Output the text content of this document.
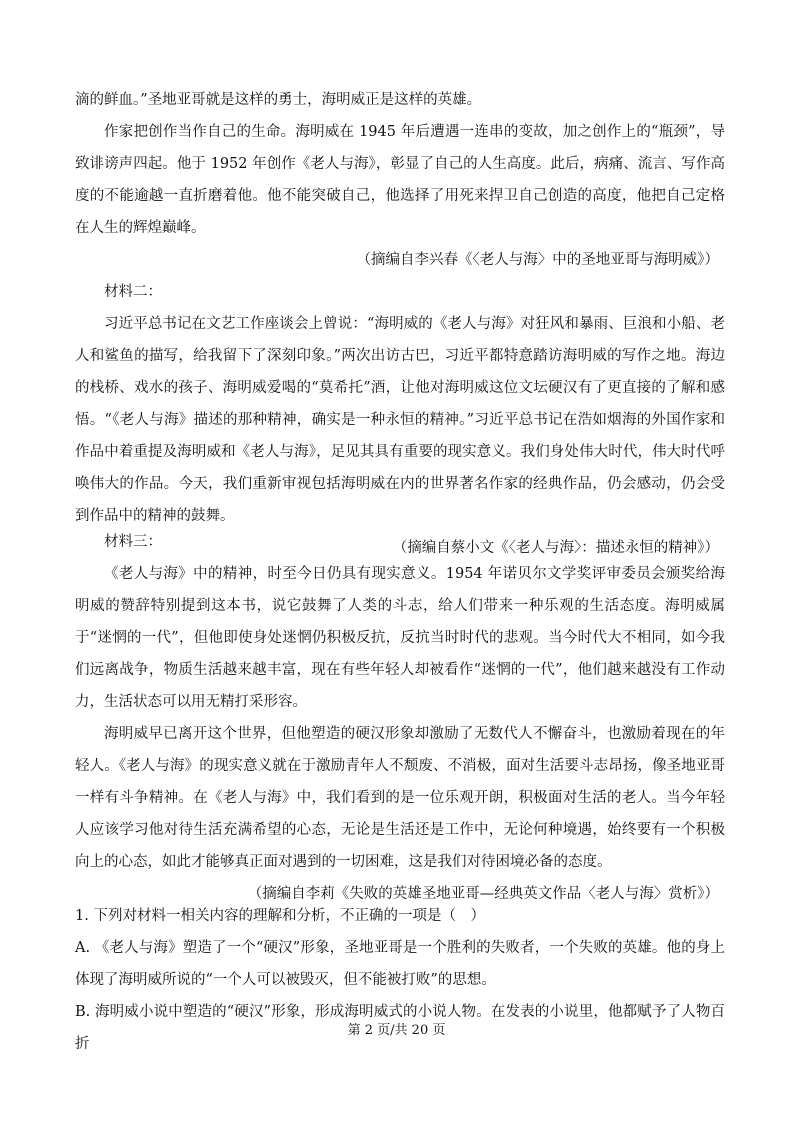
滴的鲜血。”圣地亚哥就是这样的勇士，海明威正是这样的英雄。

作家把创作当作自己的生命。海明威在 1945 年后遭遇一连串的变故，加之创作上的“瓶颈”，导致诽谤声四起。他于 1952 年创作《老人与海》，彰显了自己的人生高度。此后，病痛、流言、写作高度的不能逾越一直折磨着他。他不能突破自己，他选择了用死来捍卫自己创造的高度，他把自己定格在人生的辉煌巅峰。

（摘编自李兴春《〈老人与海〉中的圣地亚哥与海明威》）

材料二：

习近平总书记在文艺工作座谈会上曾说：“海明威的《老人与海》对狂风和暴雨、巨浪和小船、老人和鲨鱼的描写，给我留下了深刻印象。”两次出访古巴，习近平都特意踏访海明威的写作之地。海边的栈桥、戏水的孩子、海明威爱喝的“莫希托”酒，让他对海明威这位文坛硬汉有了更直接的了解和感悟。“《老人与海》描述的那种精神，确实是一种永恒的精神。”习近平总书记在浩如烟海的外国作家和作品中着重提及海明威和《老人与海》，足见其具有重要的现实意义。我们身处伟大时代，伟大时代呼唤伟大的作品。今天，我们重新审视包括海明威在内的世界著名作家的经典作品，仍会感动，仍会受到作品中的精神的鼓舞。

（摘编自蔡小文《〈老人与海〉：描述永恒的精神》）

材料三：

《老人与海》中的精神，时至今日仍具有现实意义。1954 年诺贝尔文学奖评审委员会颁奖给海明威的赞辞特别提到这本书，说它鼓舞了人类的斗志，给人们带来一种乐观的生活态度。海明威属于“迷惘的一代”，但他即使身处迷惘仍积极反抗，反抗当时时代的悲观。当今时代大不相同，如今我们远离战争，物质生活越来越丰富，现在有些年轻人却被看作“迷惘的一代”，他们越来越没有工作动力，生活状态可以用无精打采形容。

海明威早已离开这个世界，但他塑造的硬汉形象却激励了无数代人不懈奋斗，也激励着现在的年轻人。《老人与海》的现实意义就在于激励青年人不颓废、不消极，面对生活要斗志昂扬，像圣地亚哥一样有斗争精神。在《老人与海》中，我们看到的是一位乐观开朗，积极面对生活的老人。当今年轻人应该学习他对待生活充满希望的心态，无论是生活还是工作中，无论何种境遇，始终要有一个积极向上的心态，如此才能够真正面对遇到的一切困难，这是我们对待困境必备的态度。

（摘编自李莉《失败的英雄圣地亚哥—经典英文作品〈老人与海〉赏析》）

1. 下列对材料一相关内容的理解和分析，不正确的一项是（　）

A. 《老人与海》塑造了一个“硬汉”形象，圣地亚哥是一个胜利的失败者，一个失败的英雄。他的身上体现了海明威所说的“一个人可以被毁灭，但不能被打败”的思想。

B. 海明威小说中塑造的“硬汉”形象，形成海明威式的小说人物。在发表的小说里，他都赋予了人物百折

第 2 页/共 20 页
